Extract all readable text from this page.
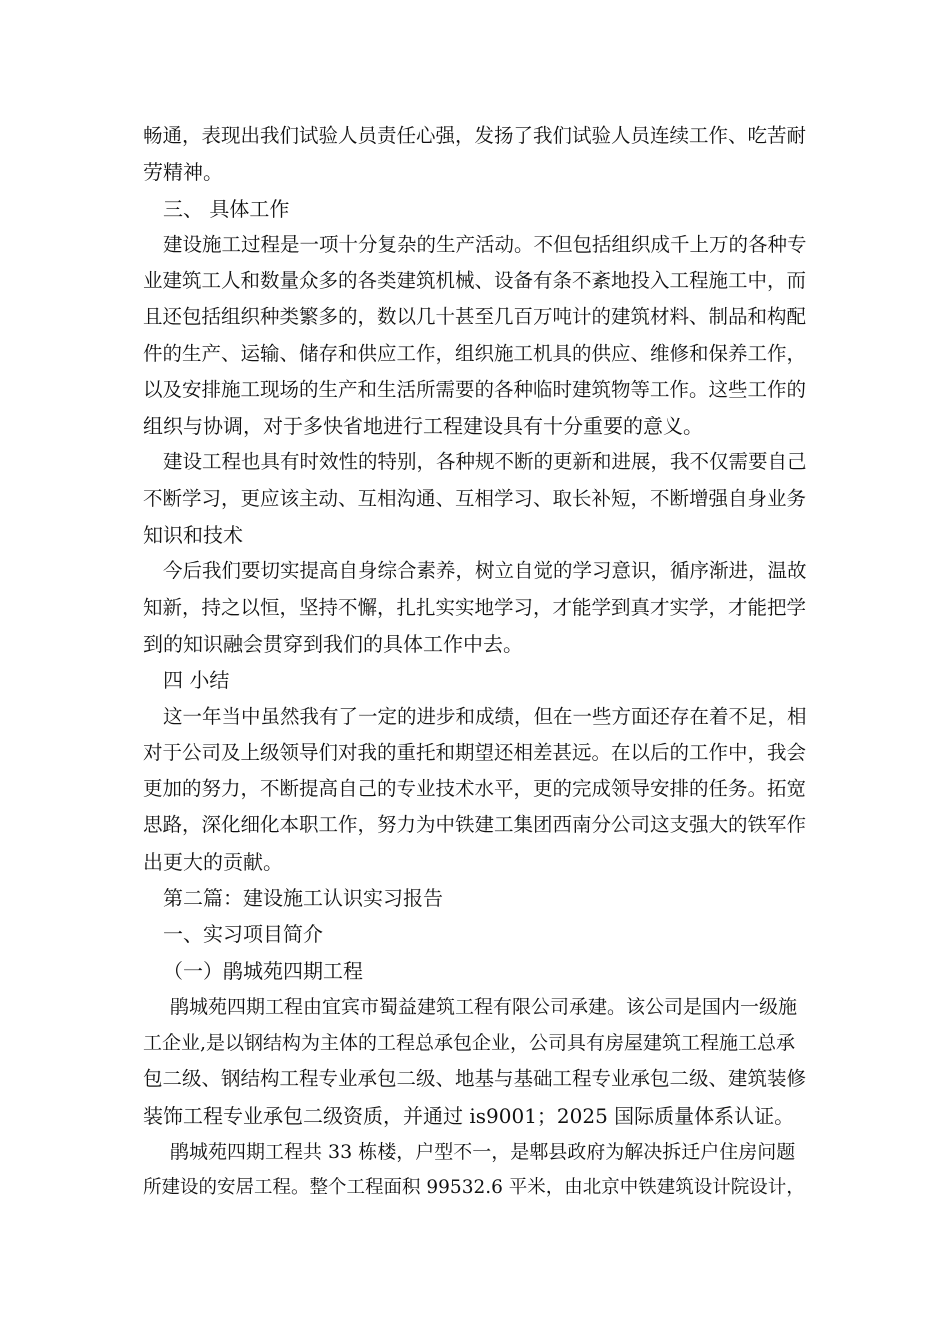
畅通，表现出我们试验人员责任心强，发扬了我们试验人员连续工作、吃苦耐
劳精神。
三、 具体工作
建设施工过程是一项十分复杂的生产活动。不但包括组织成千上万的各种专
业建筑工人和数量众多的各类建筑机械、设备有条不紊地投入工程施工中，而
且还包括组织种类繁多的，数以几十甚至几百万吨计的建筑材料、制品和构配
件的生产、运输、储存和供应工作，组织施工机具的供应、维修和保养工作，
以及安排施工现场的生产和生活所需要的各种临时建筑物等工作。这些工作的
组织与协调，对于多快省地进行工程建设具有十分重要的意义。
建设工程也具有时效性的特别，各种规不断的更新和进展，我不仅需要自己
不断学习，更应该主动、互相沟通、互相学习、取长补短，不断增强自身业务
知识和技术
今后我们要切实提高自身综合素养，树立自觉的学习意识，循序渐进，温故
知新，持之以恒，坚持不懈，扎扎实实地学习，才能学到真才实学，才能把学
到的知识融会贯穿到我们的具体工作中去。
四 小结
这一年当中虽然我有了一定的进步和成绩，但在一些方面还存在着不足，相
对于公司及上级领导们对我的重托和期望还相差甚远。在以后的工作中，我会
更加的努力，不断提高自己的专业技术水平，更的完成领导安排的任务。拓宽
思路，深化细化本职工作，努力为中铁建工集团西南分公司这支强大的铁军作
出更大的贡献。
第二篇：建设施工认识实习报告
一、实习项目简介
（一）鹃城苑四期工程
鹃城苑四期工程由宜宾市蜀益建筑工程有限公司承建。该公司是国内一级施
工企业,是以钢结构为主体的工程总承包企业，公司具有房屋建筑工程施工总承
包二级、钢结构工程专业承包二级、地基与基础工程专业承包二级、建筑装修
装饰工程专业承包二级资质，并通过 is9001；2025 国际质量体系认证。
鹃城苑四期工程共 33 栋楼，户型不一，是郫县政府为解决拆迁户住房问题
所建设的安居工程。整个工程面积 99532.6 平米，由北京中铁建筑设计院设计，
